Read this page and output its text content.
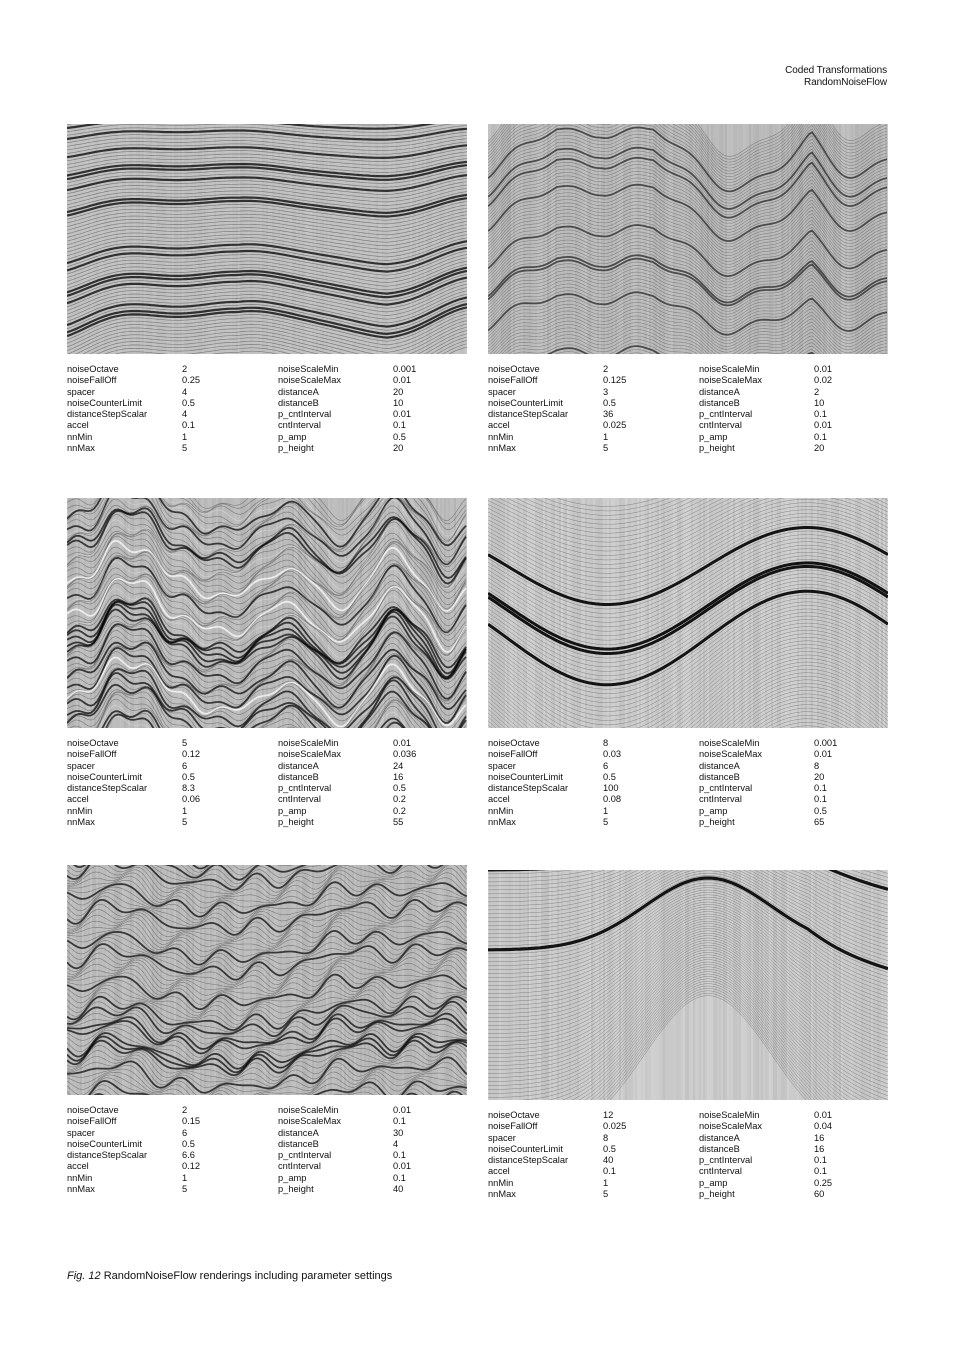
Coded Transformations
RandomNoiseFlow
noiseOctave	2	noiseScaleMin	0.001
noiseFallOff	0.25	noiseScaleMax	0.01
spacer	4	distanceA	20
noiseCounterLimit	0.5	distanceB	10
distanceStepScalar	4	p_cntInterval	0.01
accel	0.1	cntInterval	0.1
nnMin	1	p_amp	0.5
nnMax	5	p_height	20
noiseOctave	2	noiseScaleMin	0.01
noiseFallOff	0.125	noiseScaleMax	0.02
spacer	3	distanceA	2
noiseCounterLimit	0.5	distanceB	10
distanceStepScalar	36	p_cntInterval	0.1
accel	0.025	cntInterval	0.01
nnMin	1	p_amp	0.1
nnMax	5	p_height	20
noiseOctave	5	noiseScaleMin	0.01
noiseFallOff	0.12	noiseScaleMax	0.036
spacer	6	distanceA	24
noiseCounterLimit	0.5	distanceB	16
distanceStepScalar	8.3	p_cntInterval	0.5
accel	0.06	cntInterval	0.2
nnMin	1	p_amp	0.2
nnMax	5	p_height	55
noiseOctave	8	noiseScaleMin	0.001
noiseFallOff	0.03	noiseScaleMax	0.01
spacer	6	distanceA	8
noiseCounterLimit	0.5	distanceB	20
distanceStepScalar	100	p_cntInterval	0.1
accel	0.08	cntInterval	0.1
nnMin	1	p_amp	0.5
nnMax	5	p_height	65
noiseOctave	2	noiseScaleMin	0.01
noiseFallOff	0.15	noiseScaleMax	0.1
spacer	6	distanceA	30
noiseCounterLimit	0.5	distanceB	4
distanceStepScalar	6.6	p_cntInterval	0.1
accel	0.12	cntInterval	0.01
nnMin	1	p_amp	0.1
nnMax	5	p_height	40
noiseOctave	12	noiseScaleMin	0.01
noiseFallOff	0.025	noiseScaleMax	0.04
spacer	8	distanceA	16
noiseCounterLimit	0.5	distanceB	16
distanceStepScalar	40	p_cntInterval	0.1
accel	0.1	cntInterval	0.1
nnMin	1	p_amp	0.25
nnMax	5	p_height	60
Fig. 12 RandomNoiseFlow renderings including parameter settings
